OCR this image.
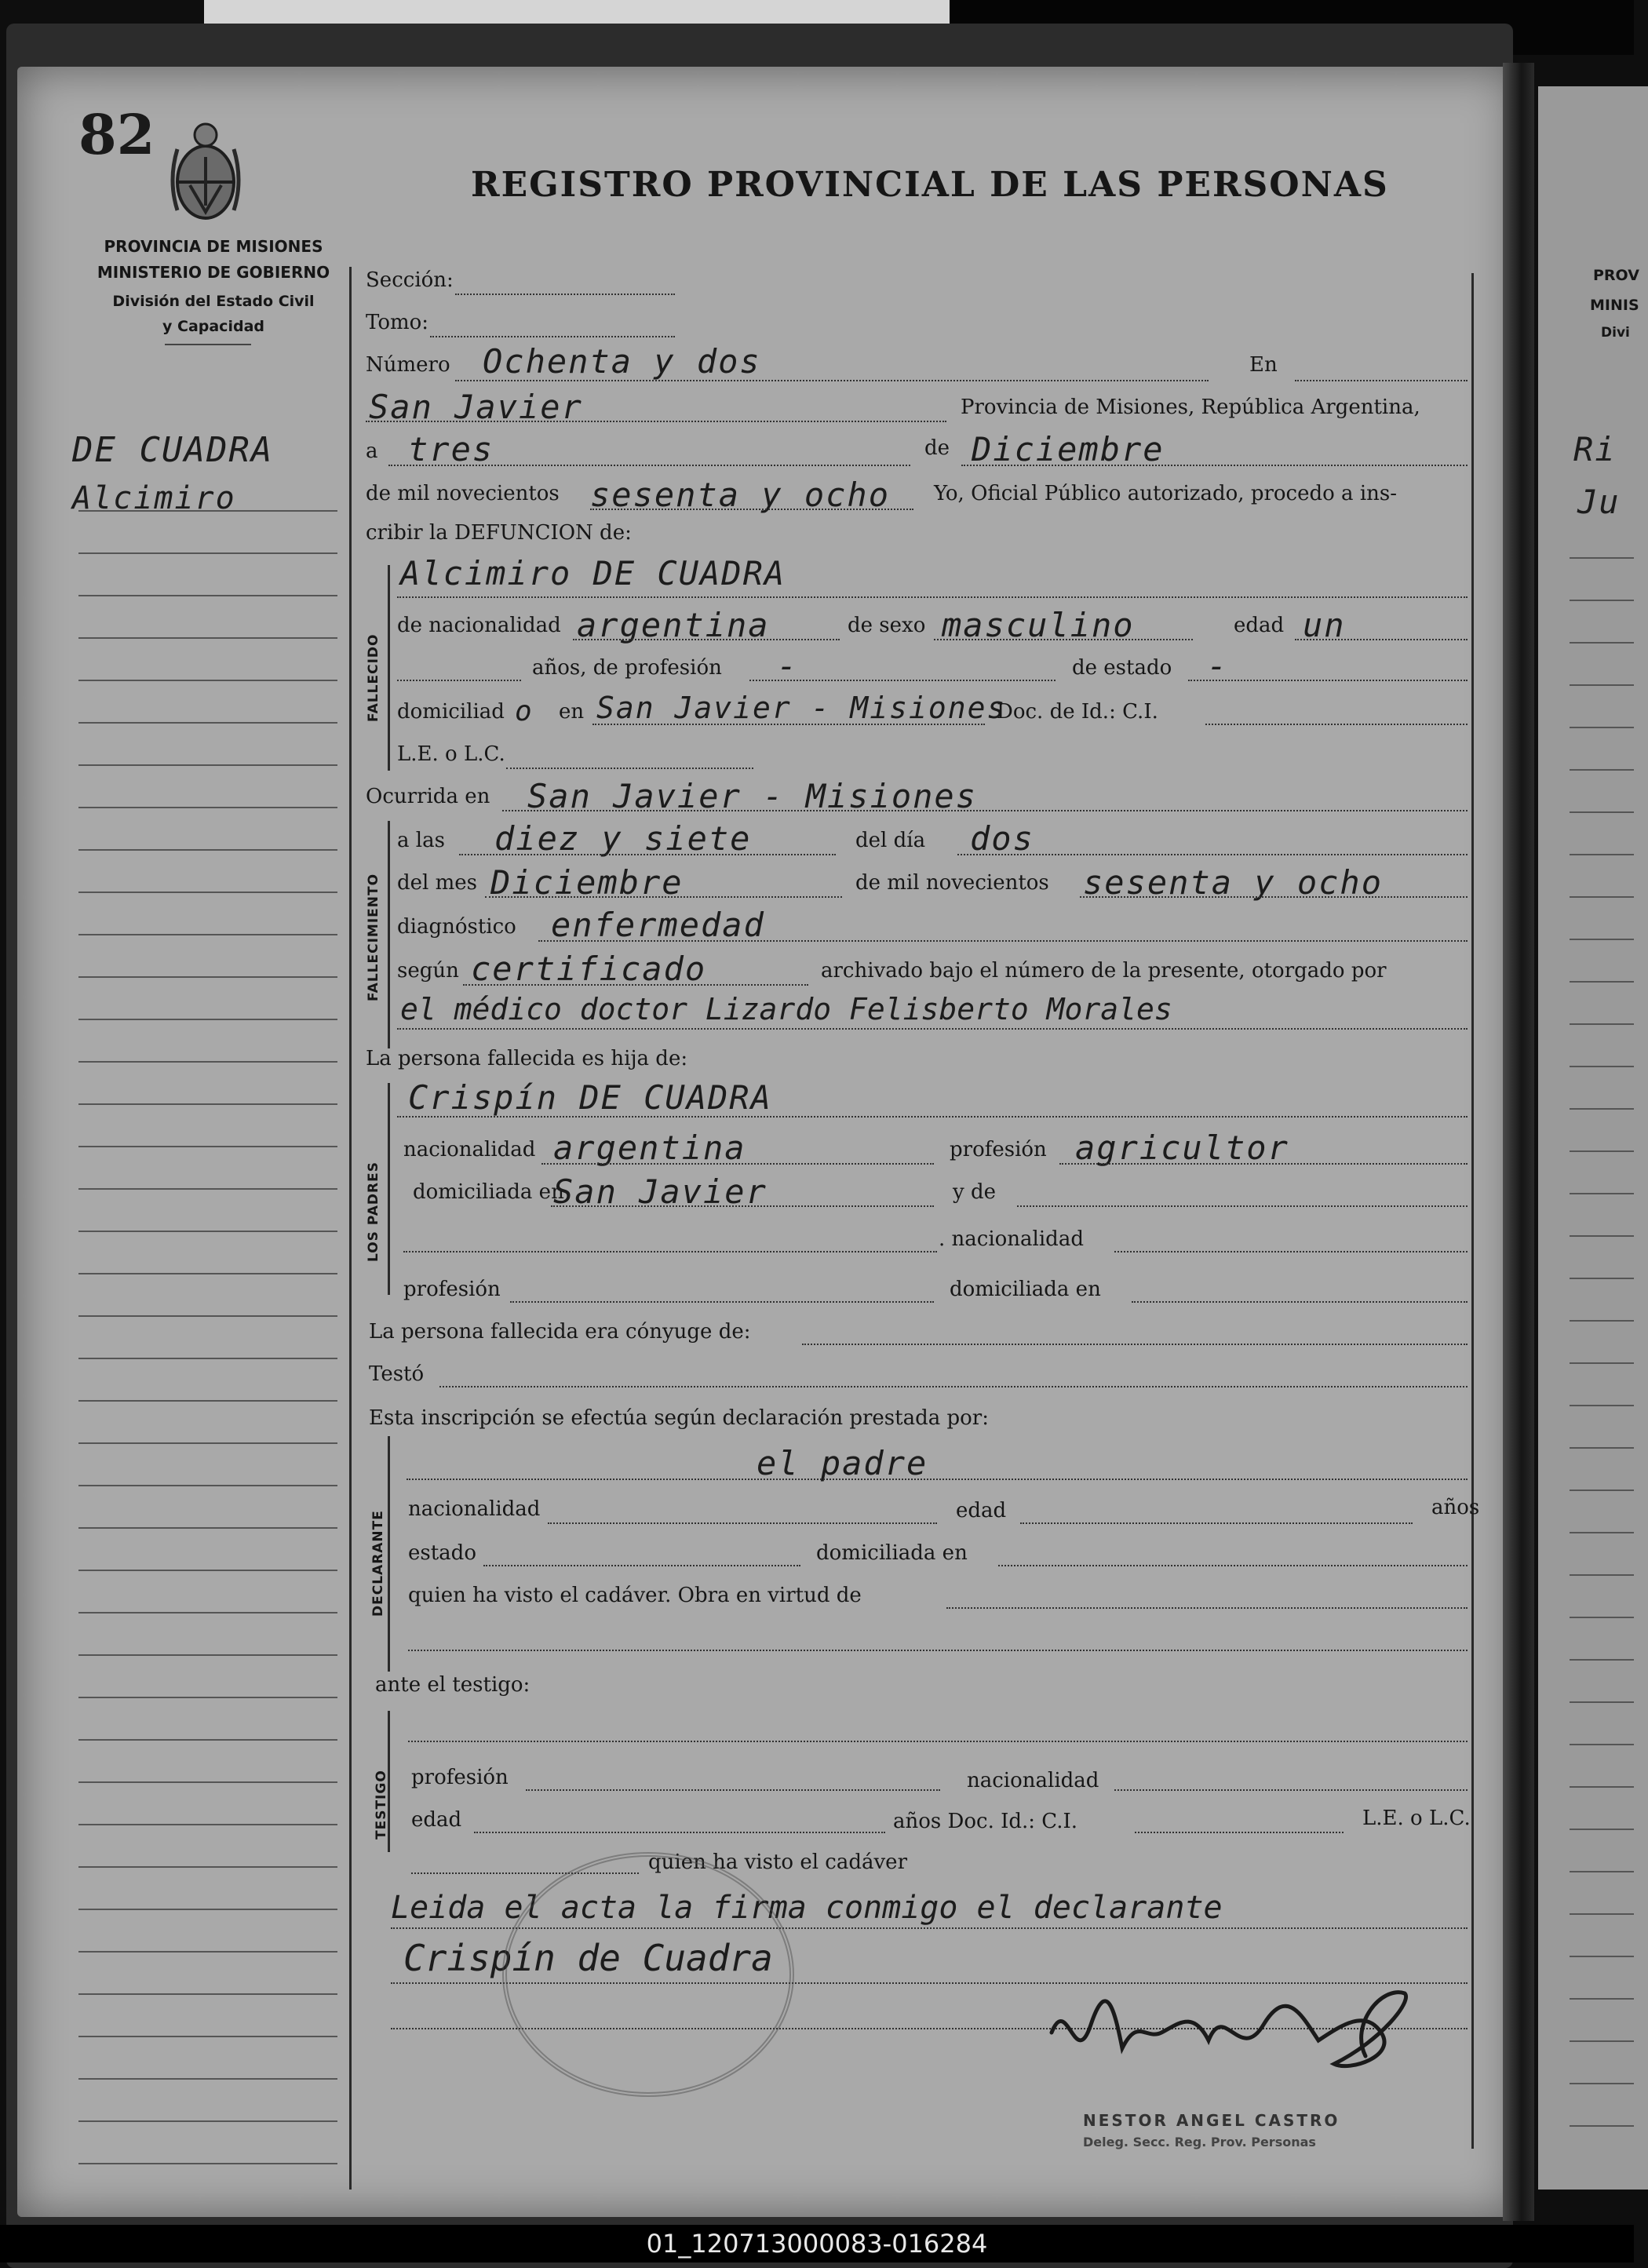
PROV
MINIS
Divi
Ri
Ju
82
PROVINCIA DE MISIONES
MINISTERIO DE GOBIERNO
División del Estado Civil
y Capacidad
REGISTRO PROVINCIAL DE LAS PERSONAS
DE CUADRA
Alcimiro
Sección:
Tomo:
Número Ochenta y dos	En
San Javier	Provincia de Misiones, República Argentina,
a tres	de Diciembre
de mil novecientos sesenta y ocho Yo, Oficial Público autorizado, procedo a ins-
cribir la DEFUNCION de:
FALLECIDO
Alcimiro DE CUADRA
de nacionalidad argentina	de sexo masculino	edad un
años, de profesión -	de estado -
domiciliad o en San Javier - Misiones
Doc. de Id.: C.I.
L.E. o L.C.
Ocurrida en San Javier - Misiones
FALLECIMIENTO
a las diez y siete	del día dos
del mes Diciembre	de mil novecientos sesenta y ocho
diagnóstico enfermedad
según certificado	archivado bajo el número de la presente, otorgado por
el médico doctor Lizardo Felisberto Morales
La persona fallecida es hija de:
LOS PADRES
Crispín DE CUADRA
nacionalidad argentina	profesión agricultor
domiciliada en
San Javier	y de
. nacionalidad
profesión	domiciliada en
La persona fallecida era cónyuge de:
Testó
Esta inscripción se efectúa según declaración prestada por:
DECLARANTE
el padre
nacionalidad	edad	años
estado	domiciliada en
quien ha visto el cadáver. Obra en virtud de
ante el testigo:
TESTIGO profesión	nacionalidad
edad	años Doc. Id.: C.I.	L.E. o L.C.
quien ha visto el cadáver
Leida el acta la firma conmigo el declarante
Crispín de Cuadra
NESTOR ANGEL CASTRO
Deleg. Secc. Reg. Prov. Personas
01_120713000083-016284
